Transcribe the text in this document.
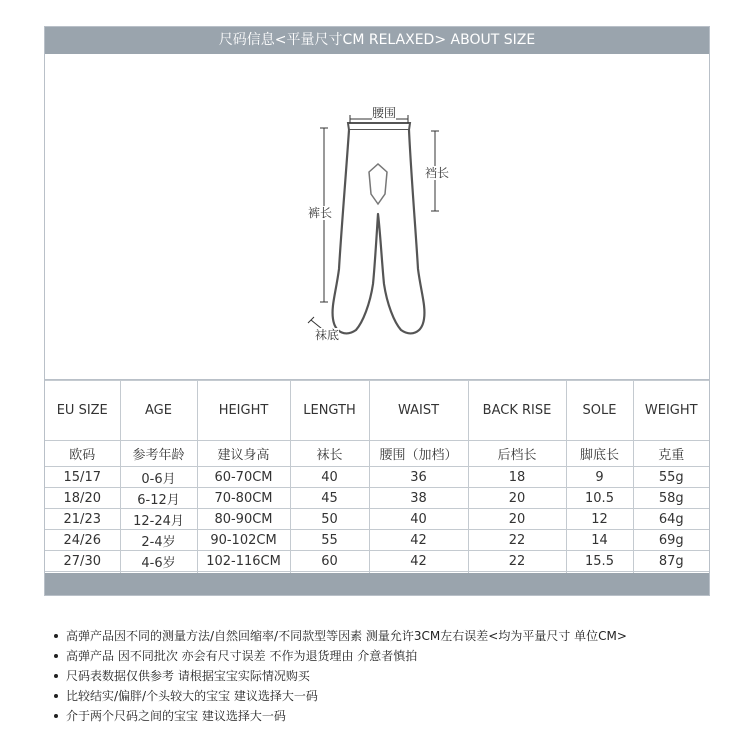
尺码信息<平量尺寸CM RELAXED> ABOUT SIZE
腰围
裆长
裤长
袜底
EU SIZE	AGE	HEIGHT	LENGTH	WAIST	BACK RISE	SOLE	WEIGHT
欧码	参考年龄	建议身高	袜长	腰围（加档）	后档长	脚底长	克重
15/17	0-6月	60-70CM	40	36	18	9	55g
18/20	6-12月	70-80CM	45	38	20	10.5	58g
21/23	12-24月	80-90CM	50	40	20	12	64g
24/26	2-4岁	90-102CM	55	42	22	14	69g
27/30	4-6岁	102-116CM	60	42	22	15.5	87g

高弹产品因不同的测量方法/自然回缩率/不同款型等因素 测量允许3CM左右误差<均为平量尺寸 单位CM>
高弹产品 因不同批次 亦会有尺寸误差 不作为退货理由 介意者慎拍
尺码表数据仅供参考 请根据宝宝实际情况购买
比较结实/偏胖/个头较大的宝宝 建议选择大一码
介于两个尺码之间的宝宝 建议选择大一码
